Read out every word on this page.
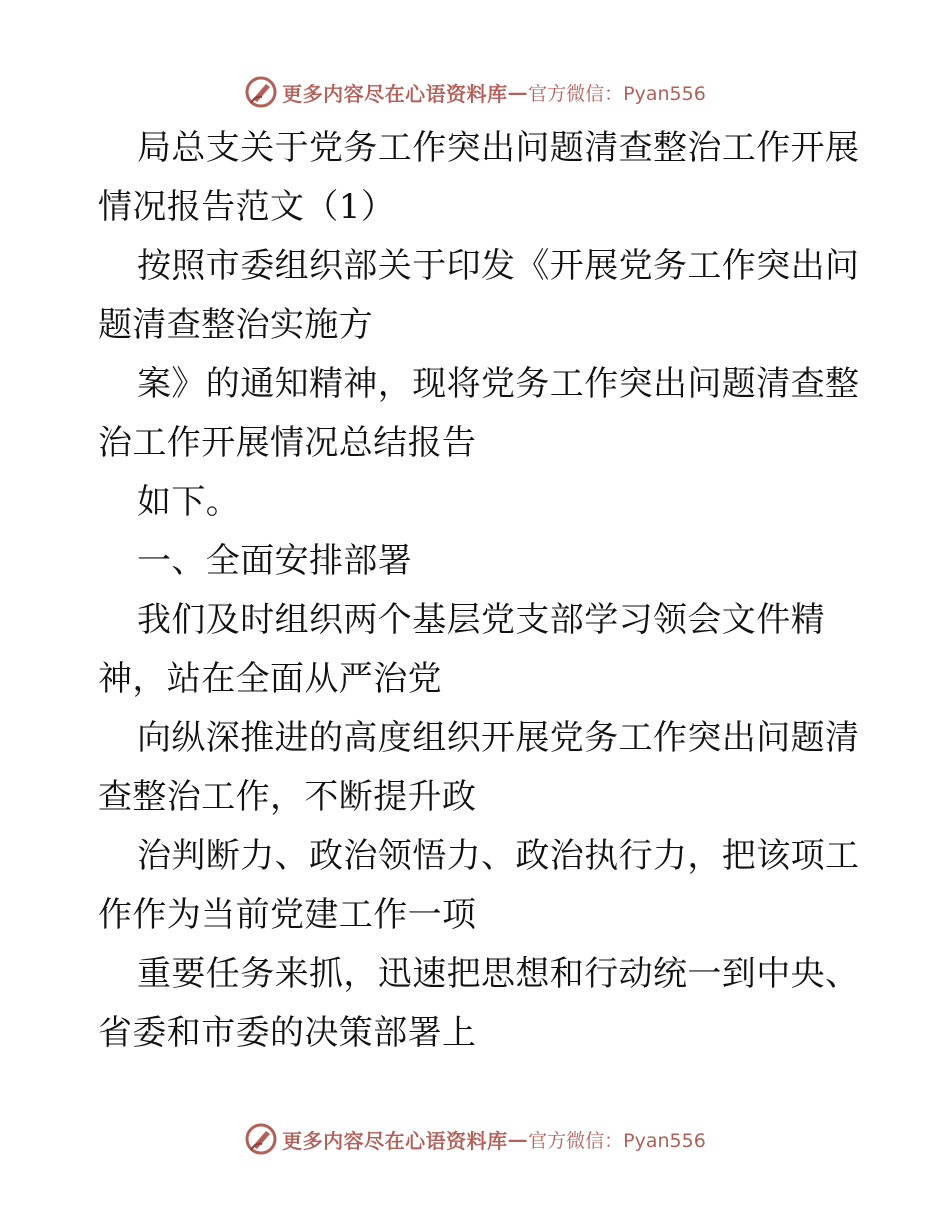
更多内容尽在心语资料库 — 官方微信：Pyan556
局总支关于党务工作突出问题清查整治工作开展
情况报告范文（1）
按照市委组织部关于印发《开展党务工作突出问
题清查整治实施方
案》的通知精神，现将党务工作突出问题清查整
治工作开展情况总结报告
如下。
一、全面安排部署
我们及时组织两个基层党支部学习领会文件精
神，站在全面从严治党
向纵深推进的高度组织开展党务工作突出问题清
查整治工作，不断提升政
治判断力、政治领悟力、政治执行力，把该项工
作作为当前党建工作一项
重要任务来抓，迅速把思想和行动统一到中央、
省委和市委的决策部署上
更多内容尽在心语资料库 — 官方微信：Pyan556
